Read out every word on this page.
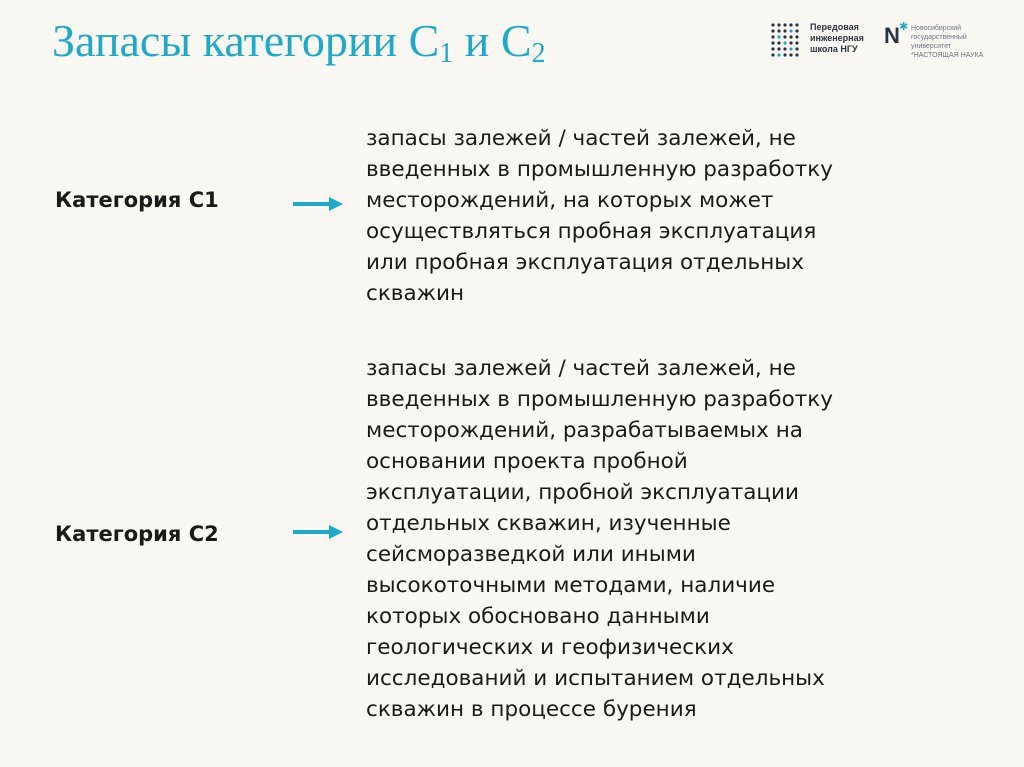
Запасы категории $С_1$ и $С_2$
Передовая
инженерная
школа НГУ
N ✱ Новосибирский
государственный
университет
*НАСТОЯЩАЯ НАУКА
Категория С1
запасы залежей / частей залежей, не
введенных в промышленную разработку
месторождений, на которых может
осуществляться пробная эксплуатация
или пробная эксплуатация отдельных
скважин
Категория С2
запасы залежей / частей залежей, не
введенных в промышленную разработку
месторождений, разрабатываемых на
основании проекта пробной
эксплуатации, пробной эксплуатации
отдельных скважин, изученные
сейсморазведкой или иными
высокоточными методами, наличие
которых обосновано данными
геологических и геофизических
исследований и испытанием отдельных
скважин в процессе бурения
